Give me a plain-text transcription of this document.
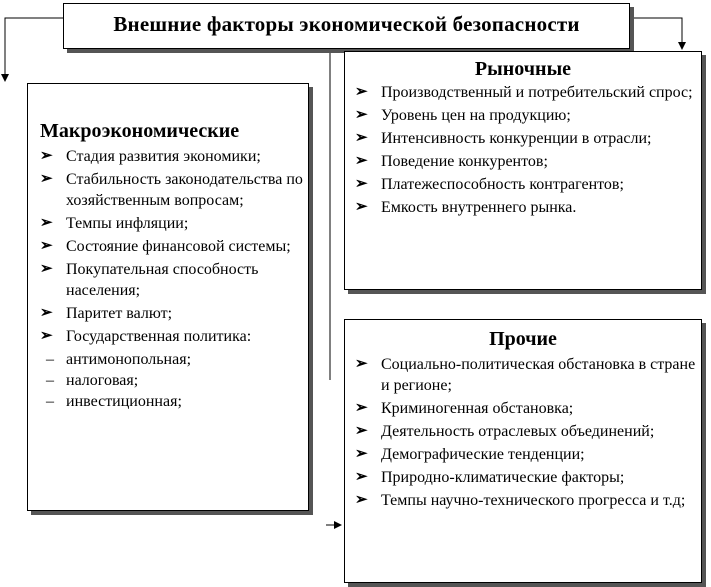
Внешние факторы экономической безопасности
Макроэкономические
➢ Стадия развития экономики;
➢ Стабильность законодательства по хозяйственным вопросам;
➢ Темпы инфляции;
➢ Состояние финансовой системы;
➢ Покупательная способность населения;
➢ Паритет валют;
➢ Государственная политика:
– антимонопольная;
– налоговая;
– инвестиционная;
Рыночные
➢ Производственный и потребительский спрос;
➢ Уровень цен на продукцию;
➢ Интенсивность конкуренции в отрасли;
➢ Поведение конкурентов;
➢ Платежеспособность контрагентов;
➢ Емкость внутреннего рынка.
Прочие
➢ Социально-политическая обстановка в стране и регионе;
➢ Криминогенная обстановка;
➢ Деятельность отраслевых объединений;
➢ Демографические тенденции;
➢ Природно-климатические факторы;
➢ Темпы научно-технического прогресса и т.д;
